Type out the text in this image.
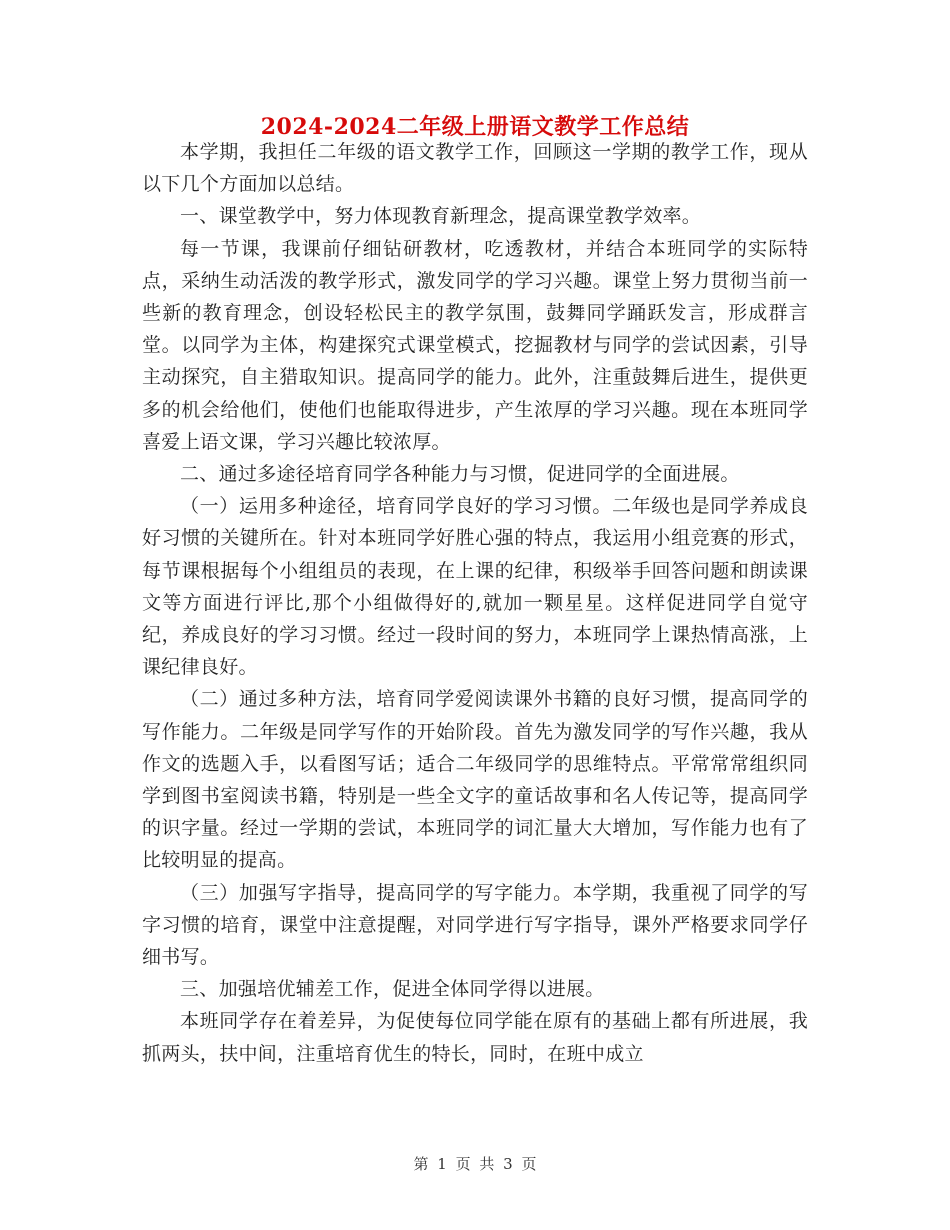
2024-2024二年级上册语文教学工作总结

本学期，我担任二年级的语文教学工作，回顾这一学期的教学工作，现从以下几个方面加以总结。

一、课堂教学中，努力体现教育新理念，提高课堂教学效率。

每一节课，我课前仔细钻研教材，吃透教材，并结合本班同学的实际特点，采纳生动活泼的教学形式，激发同学的学习兴趣。课堂上努力贯彻当前一些新的教育理念，创设轻松民主的教学氛围，鼓舞同学踊跃发言，形成群言堂。以同学为主体，构建探究式课堂模式，挖掘教材与同学的尝试因素，引导主动探究，自主猎取知识。提高同学的能力。此外，注重鼓舞后进生，提供更多的机会给他们，使他们也能取得进步，产生浓厚的学习兴趣。现在本班同学喜爱上语文课，学习兴趣比较浓厚。

二、通过多途径培育同学各种能力与习惯，促进同学的全面进展。

（一）运用多种途径，培育同学良好的学习习惯。二年级也是同学养成良好习惯的关键所在。针对本班同学好胜心强的特点，我运用小组竞赛的形式，每节课根据每个小组组员的表现，在上课的纪律，积级举手回答问题和朗读课文等方面进行评比,那个小组做得好的,就加一颗星星。这样促进同学自觉守纪，养成良好的学习习惯。经过一段时间的努力，本班同学上课热情高涨，上课纪律良好。

（二）通过多种方法，培育同学爱阅读课外书籍的良好习惯，提高同学的写作能力。二年级是同学写作的开始阶段。首先为激发同学的写作兴趣，我从作文的选题入手，以看图写话；适合二年级同学的思维特点。平常常常组织同学到图书室阅读书籍，特别是一些全文字的童话故事和名人传记等，提高同学的识字量。经过一学期的尝试，本班同学的词汇量大大增加，写作能力也有了比较明显的提高。

（三）加强写字指导，提高同学的写字能力。本学期，我重视了同学的写字习惯的培育，课堂中注意提醒，对同学进行写字指导，课外严格要求同学仔细书写。

三、加强培优辅差工作，促进全体同学得以进展。

本班同学存在着差异，为促使每位同学能在原有的基础上都有所进展，我抓两头，扶中间，注重培育优生的特长，同时，在班中成立

第 1 页 共 3 页
